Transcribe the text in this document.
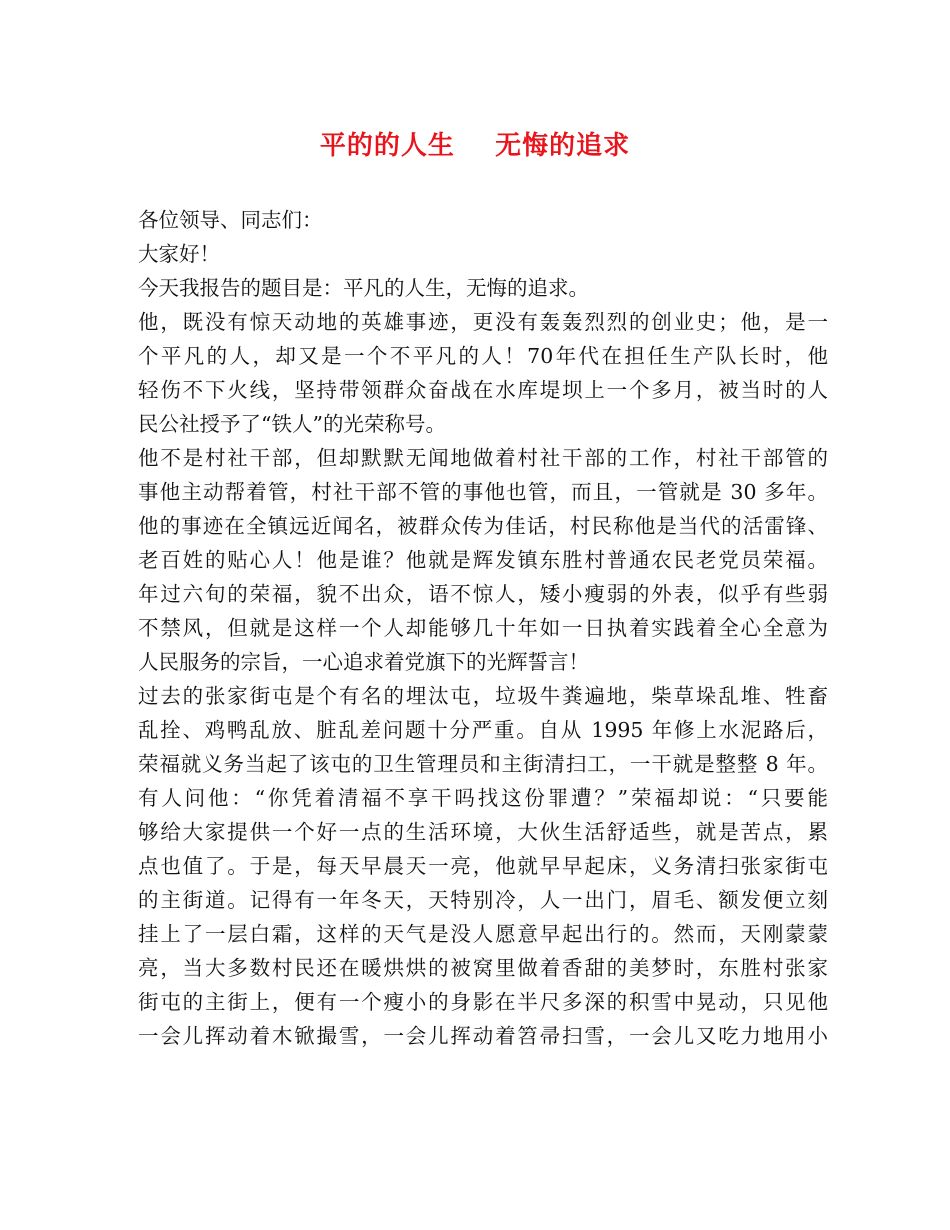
平的的人生 无悔的追求
各位领导、同志们：
大家好！
今天我报告的题目是：平凡的人生，无悔的追求。
他，既没有惊天动地的英雄事迹，更没有轰轰烈烈的创业史；他，是一
个平凡的人，却又是一个不平凡的人！70年代在担任生产队长时，他
轻伤不下火线，坚持带领群众奋战在水库堤坝上一个多月，被当时的人
民公社授予了“铁人”的光荣称号。
他不是村社干部，但却默默无闻地做着村社干部的工作，村社干部管的
事他主动帮着管，村社干部不管的事他也管，而且，一管就是 30 多年。
他的事迹在全镇远近闻名，被群众传为佳话，村民称他是当代的活雷锋、
老百姓的贴心人！他是谁？他就是辉发镇东胜村普通农民老党员荣福。
年过六旬的荣福，貌不出众，语不惊人，矮小瘦弱的外表，似乎有些弱
不禁风，但就是这样一个人却能够几十年如一日执着实践着全心全意为
人民服务的宗旨，一心追求着党旗下的光辉誓言！
过去的张家街屯是个有名的埋汰屯，垃圾牛粪遍地，柴草垛乱堆、牲畜
乱拴、鸡鸭乱放、脏乱差问题十分严重。自从 1995 年修上水泥路后，
荣福就义务当起了该屯的卫生管理员和主街清扫工，一干就是整整 8 年。
有人问他：“你凭着清福不享干吗找这份罪遭？”荣福却说：“只要能
够给大家提供一个好一点的生活环境，大伙生活舒适些，就是苦点，累
点也值了。于是，每天早晨天一亮，他就早早起床，义务清扫张家街屯
的主街道。记得有一年冬天，天特别冷，人一出门，眉毛、额发便立刻
挂上了一层白霜，这样的天气是没人愿意早起出行的。然而，天刚蒙蒙
亮，当大多数村民还在暖烘烘的被窝里做着香甜的美梦时，东胜村张家
街屯的主街上，便有一个瘦小的身影在半尺多深的积雪中晃动，只见他
一会儿挥动着木锨撮雪，一会儿挥动着笤帚扫雪，一会儿又吃力地用小
